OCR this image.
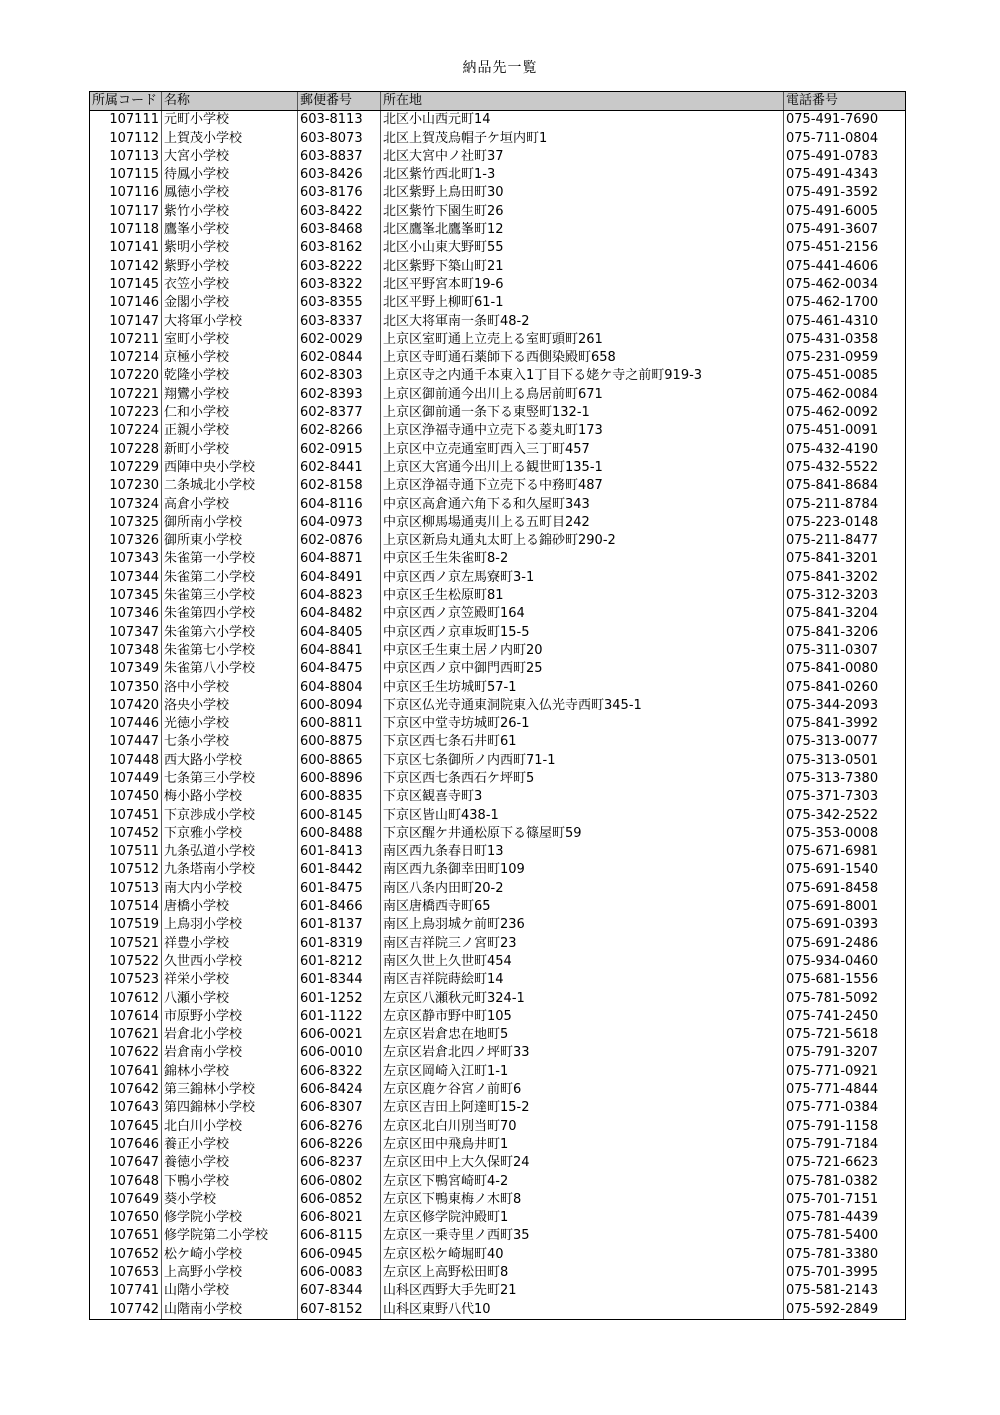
納品先一覧
所属コード	名称	郵便番号	所在地	電話番号
107111	元町小学校	603-8113	北区小山西元町14	075-491-7690
107112	上賀茂小学校	603-8073	北区上賀茂烏帽子ケ垣内町1	075-711-0804
107113	大宮小学校	603-8837	北区大宮中ノ社町37	075-491-0783
107115	待鳳小学校	603-8426	北区紫竹西北町1-3	075-491-4343
107116	鳳徳小学校	603-8176	北区紫野上鳥田町30	075-491-3592
107117	紫竹小学校	603-8422	北区紫竹下園生町26	075-491-6005
107118	鷹峯小学校	603-8468	北区鷹峯北鷹峯町12	075-491-3607
107141	紫明小学校	603-8162	北区小山東大野町55	075-451-2156
107142	紫野小学校	603-8222	北区紫野下築山町21	075-441-4606
107145	衣笠小学校	603-8322	北区平野宮本町19-6	075-462-0034
107146	金閣小学校	603-8355	北区平野上柳町61-1	075-462-1700
107147	大将軍小学校	603-8337	北区大将軍南一条町48-2	075-461-4310
107211	室町小学校	602-0029	上京区室町通上立売上る室町頭町261	075-431-0358
107214	京極小学校	602-0844	上京区寺町通石薬師下る西側染殿町658	075-231-0959
107220	乾隆小学校	602-8303	上京区寺之内通千本東入1丁目下る姥ケ寺之前町919-3	075-451-0085
107221	翔鸞小学校	602-8393	上京区御前通今出川上る鳥居前町671	075-462-0084
107223	仁和小学校	602-8377	上京区御前通一条下る東竪町132-1	075-462-0092
107224	正親小学校	602-8266	上京区浄福寺通中立売下る菱丸町173	075-451-0091
107228	新町小学校	602-0915	上京区中立売通室町西入三丁町457	075-432-4190
107229	西陣中央小学校	602-8441	上京区大宮通今出川上る観世町135-1	075-432-5522
107230	二条城北小学校	602-8158	上京区浄福寺通下立売下る中務町487	075-841-8684
107324	高倉小学校	604-8116	中京区高倉通六角下る和久屋町343	075-211-8784
107325	御所南小学校	604-0973	中京区柳馬場通夷川上る五町目242	075-223-0148
107326	御所東小学校	602-0876	上京区新烏丸通丸太町上る錦砂町290-2	075-211-8477
107343	朱雀第一小学校	604-8871	中京区壬生朱雀町8-2	075-841-3201
107344	朱雀第二小学校	604-8491	中京区西ノ京左馬寮町3-1	075-841-3202
107345	朱雀第三小学校	604-8823	中京区壬生松原町81	075-312-3203
107346	朱雀第四小学校	604-8482	中京区西ノ京笠殿町164	075-841-3204
107347	朱雀第六小学校	604-8405	中京区西ノ京車坂町15-5	075-841-3206
107348	朱雀第七小学校	604-8841	中京区壬生東土居ノ内町20	075-311-0307
107349	朱雀第八小学校	604-8475	中京区西ノ京中御門西町25	075-841-0080
107350	洛中小学校	604-8804	中京区壬生坊城町57-1	075-841-0260
107420	洛央小学校	600-8094	下京区仏光寺通東洞院東入仏光寺西町345-1	075-344-2093
107446	光徳小学校	600-8811	下京区中堂寺坊城町26-1	075-841-3992
107447	七条小学校	600-8875	下京区西七条石井町61	075-313-0077
107448	西大路小学校	600-8865	下京区七条御所ノ内西町71-1	075-313-0501
107449	七条第三小学校	600-8896	下京区西七条西石ケ坪町5	075-313-7380
107450	梅小路小学校	600-8835	下京区観喜寺町3	075-371-7303
107451	下京渉成小学校	600-8145	下京区皆山町438-1	075-342-2522
107452	下京雅小学校	600-8488	下京区醒ケ井通松原下る篠屋町59	075-353-0008
107511	九条弘道小学校	601-8413	南区西九条春日町13	075-671-6981
107512	九条塔南小学校	601-8442	南区西九条御幸田町109	075-691-1540
107513	南大内小学校	601-8475	南区八条内田町20-2	075-691-8458
107514	唐橋小学校	601-8466	南区唐橋西寺町65	075-691-8001
107519	上鳥羽小学校	601-8137	南区上鳥羽城ケ前町236	075-691-0393
107521	祥豊小学校	601-8319	南区吉祥院三ノ宮町23	075-691-2486
107522	久世西小学校	601-8212	南区久世上久世町454	075-934-0460
107523	祥栄小学校	601-8344	南区吉祥院蒔絵町14	075-681-1556
107612	八瀬小学校	601-1252	左京区八瀬秋元町324-1	075-781-5092
107614	市原野小学校	601-1122	左京区静市野中町105	075-741-2450
107621	岩倉北小学校	606-0021	左京区岩倉忠在地町5	075-721-5618
107622	岩倉南小学校	606-0010	左京区岩倉北四ノ坪町33	075-791-3207
107641	錦林小学校	606-8322	左京区岡崎入江町1-1	075-771-0921
107642	第三錦林小学校	606-8424	左京区鹿ケ谷宮ノ前町6	075-771-4844
107643	第四錦林小学校	606-8307	左京区吉田上阿達町15-2	075-771-0384
107645	北白川小学校	606-8276	左京区北白川別当町70	075-791-1158
107646	養正小学校	606-8226	左京区田中飛鳥井町1	075-791-7184
107647	養徳小学校	606-8237	左京区田中上大久保町24	075-721-6623
107648	下鴨小学校	606-0802	左京区下鴨宮崎町4-2	075-781-0382
107649	葵小学校	606-0852	左京区下鴨東梅ノ木町8	075-701-7151
107650	修学院小学校	606-8021	左京区修学院沖殿町1	075-781-4439
107651	修学院第二小学校	606-8115	左京区一乗寺里ノ西町35	075-781-5400
107652	松ケ崎小学校	606-0945	左京区松ケ崎堀町40	075-781-3380
107653	上高野小学校	606-0083	左京区上高野松田町8	075-701-3995
107741	山階小学校	607-8344	山科区西野大手先町21	075-581-2143
107742	山階南小学校	607-8152	山科区東野八代10	075-592-2849
